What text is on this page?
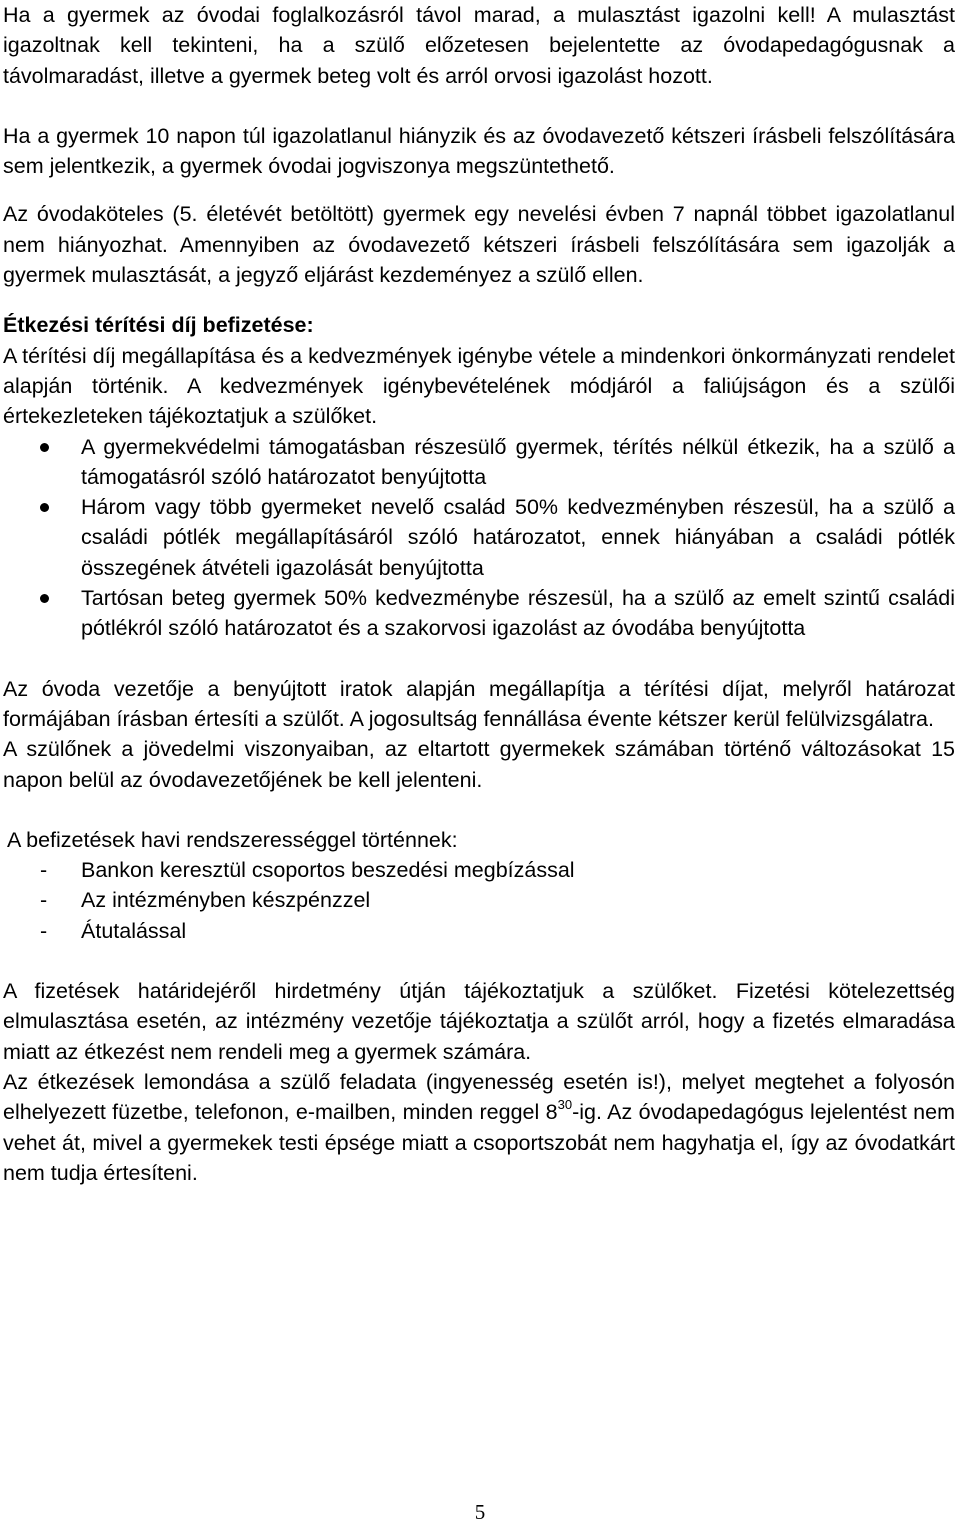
Ha a gyermek az óvodai foglalkozásról távol marad, a mulasztást igazolni kell! A mulasztást igazoltnak kell tekinteni, ha a szülő előzetesen bejelentette az óvodapedagógusnak a távolmaradást, illetve a gyermek beteg volt és arról orvosi igazolást hozott.

Ha a gyermek 10 napon túl igazolatlanul hiányzik és az óvodavezető kétszeri írásbeli felszólítására sem jelentkezik, a gyermek óvodai jogviszonya megszüntethető.

Az óvodaköteles (5. életévét betöltött) gyermek egy nevelési évben 7 napnál többet igazolatlanul nem hiányozhat. Amennyiben az óvodavezető kétszeri írásbeli felszólítására sem igazolják a gyermek mulasztását, a jegyző eljárást kezdeményez a szülő ellen.

Étkezési térítési díj befizetése:

A térítési díj megállapítása és a kedvezmények igénybe vétele a mindenkori önkormányzati rendelet alapján történik. A kedvezmények igénybevételének módjáról a faliújságon és a szülői értekezleteken tájékoztatjuk a szülőket.

A gyermekvédelmi támogatásban részesülő gyermek, térítés nélkül étkezik, ha a szülő a támogatásról szóló határozatot benyújtotta
Három vagy több gyermeket nevelő család 50% kedvezményben részesül, ha a szülő a családi pótlék megállapításáról szóló határozatot, ennek hiányában a családi pótlék összegének átvételi igazolását benyújtotta
Tartósan beteg gyermek 50% kedvezménybe részesül, ha a szülő az emelt szintű családi pótlékról szóló határozatot és a szakorvosi igazolást az óvodába benyújtotta

Az óvoda vezetője a benyújtott iratok alapján megállapítja a térítési díjat, melyről határozat formájában írásban értesíti a szülőt. A jogosultság fennállása évente kétszer kerül felülvizsgálatra.

A szülőnek a jövedelmi viszonyaiban, az eltartott gyermekek számában történő változásokat 15 napon belül az óvodavezetőjének be kell jelenteni.

A befizetések havi rendszerességgel történnek:

- Bankon keresztül csoportos beszedési megbízással
- Az intézményben készpénzzel
- Átutalással

A fizetések határidejéről hirdetmény útján tájékoztatjuk a szülőket. Fizetési kötelezettség elmulasztása esetén, az intézmény vezetője tájékoztatja a szülőt arról, hogy a fizetés elmaradása miatt az étkezést nem rendeli meg a gyermek számára.

Az étkezések lemondása a szülő feladata (ingyenesség esetén is!), melyet megtehet a folyosón elhelyezett füzetbe, telefonon, e-mailben, minden reggel $8^{30}-ig$. Az óvodapedagógus lejelentést nem vehet át, mivel a gyermekek testi épsége miatt a csoportszobát nem hagyhatja el, így az óvodatkárt nem tudja értesíteni.

5
